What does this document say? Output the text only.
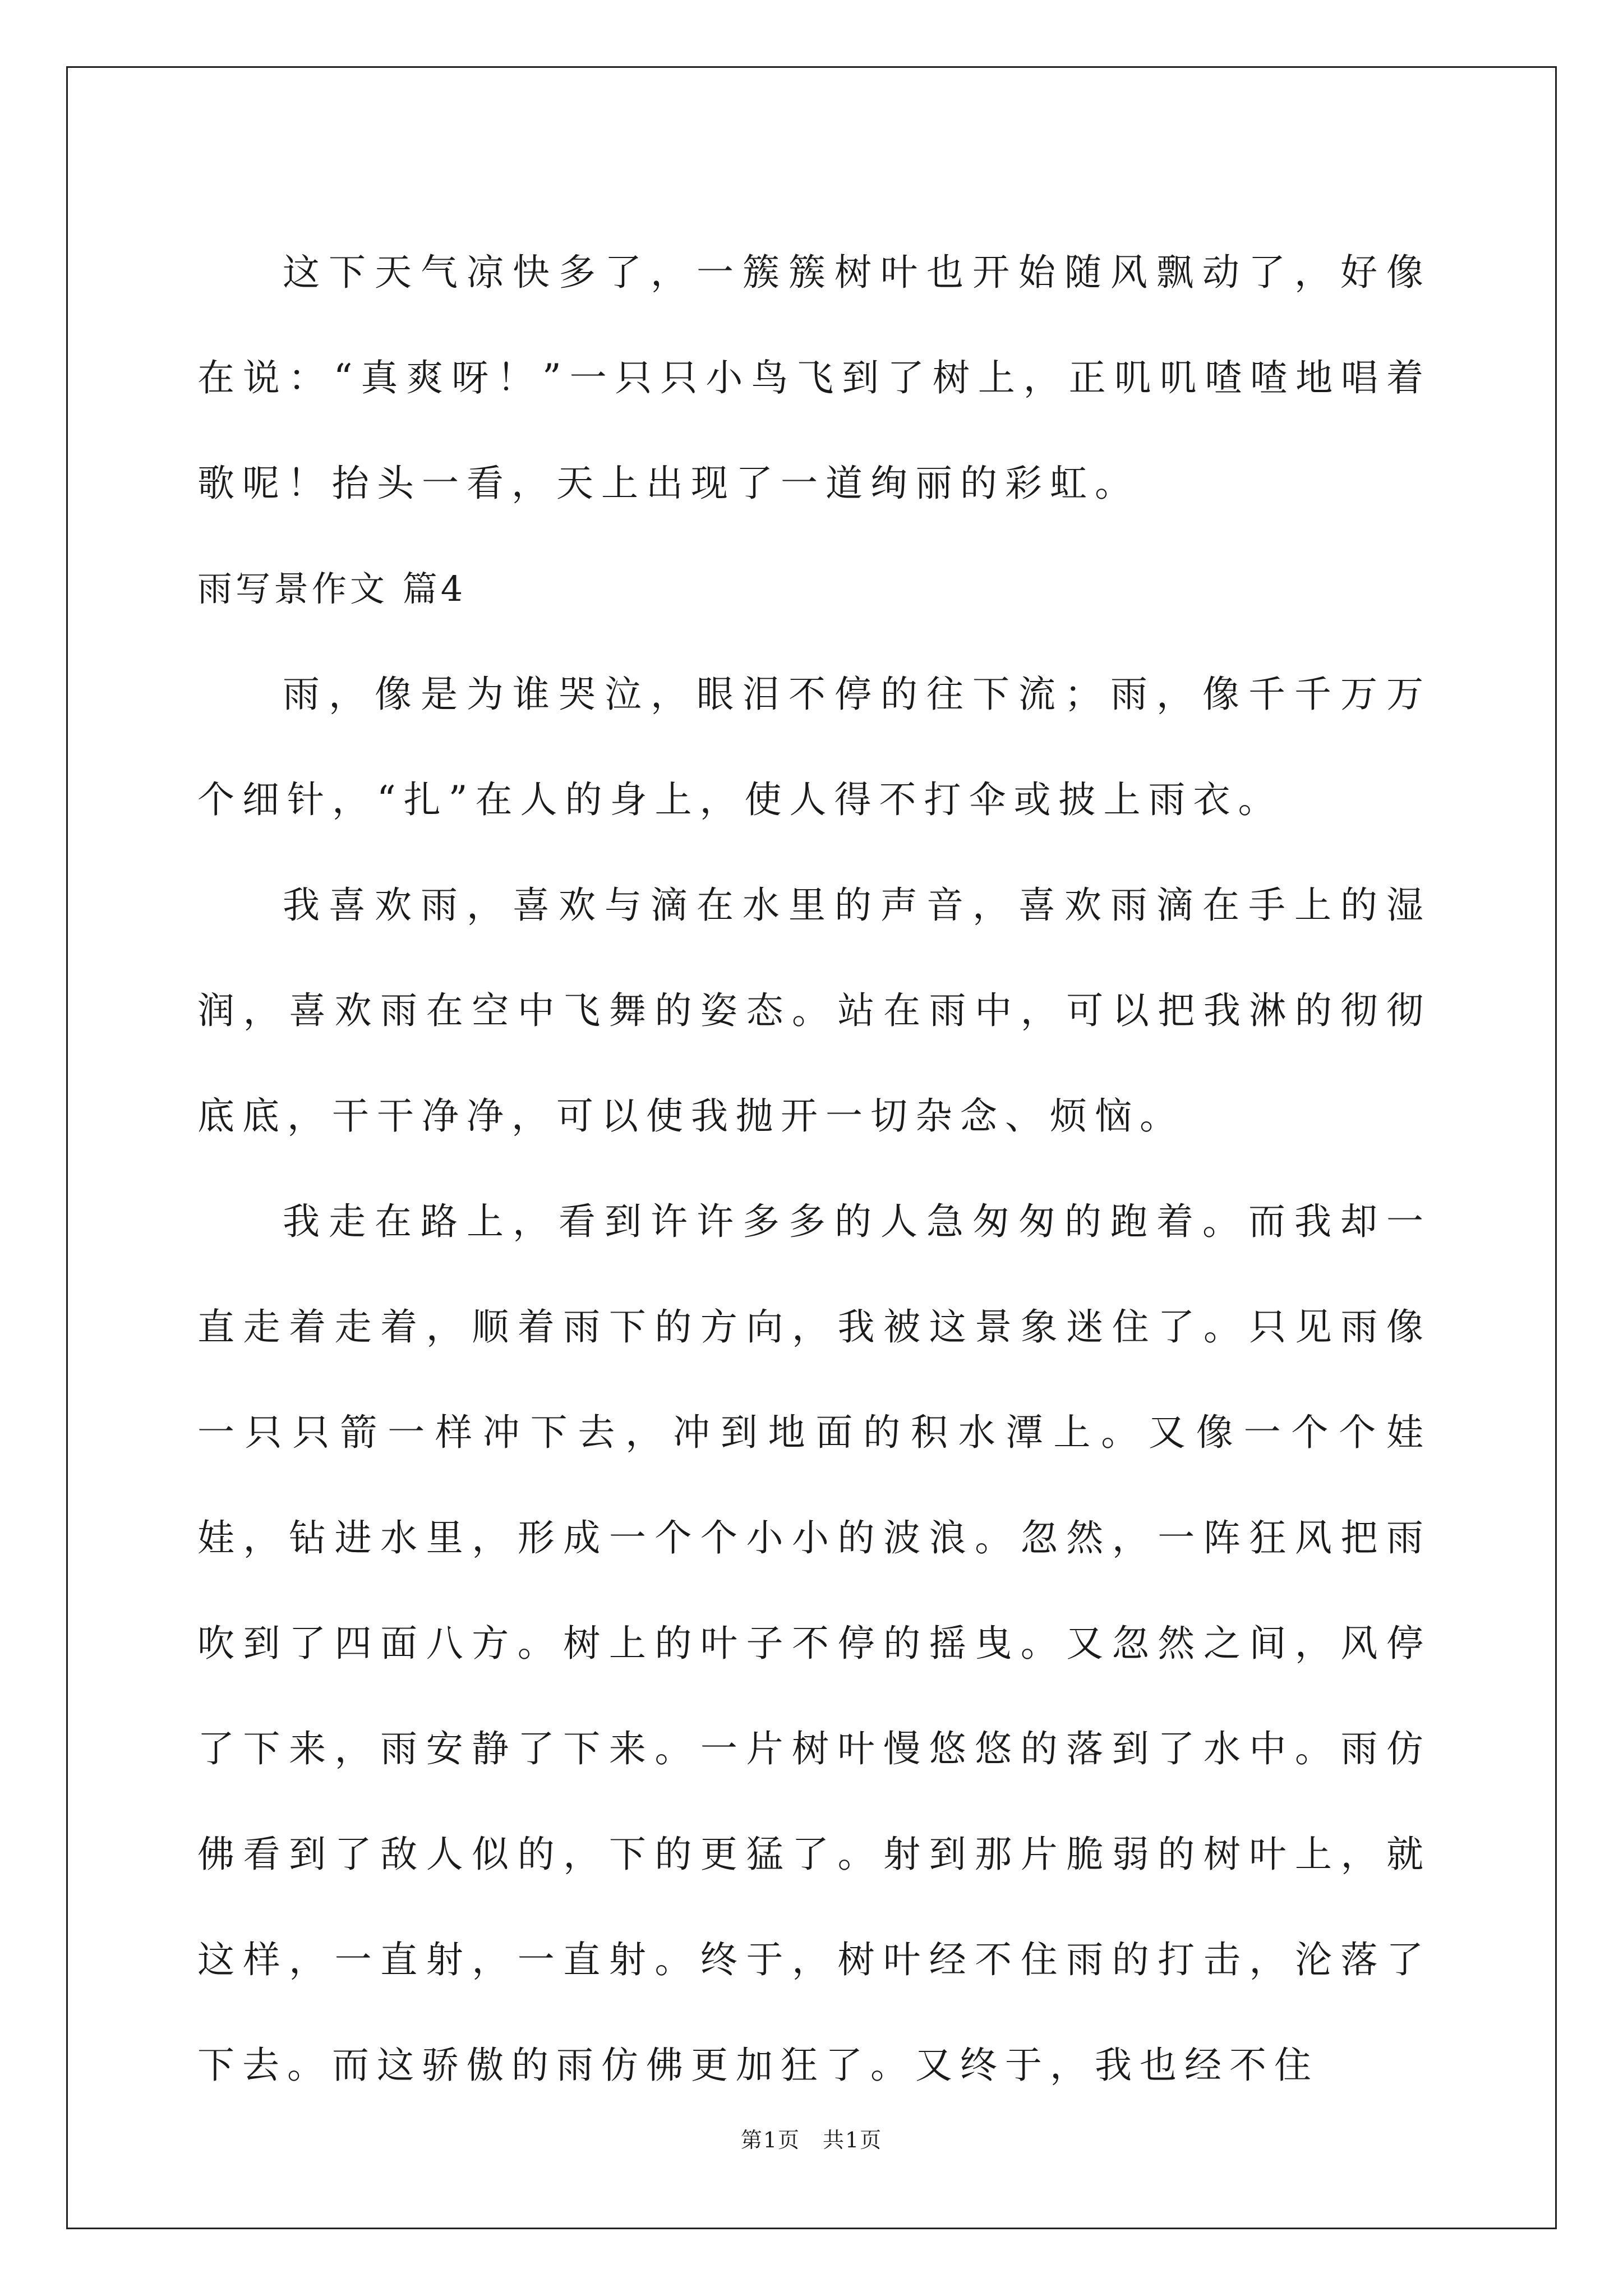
这下天气凉快多了，一簇簇树叶也开始随风飘动了，好像在说：“真爽呀！”一只只小鸟飞到了树上，正叽叽喳喳地唱着歌呢！抬头一看，天上出现了一道绚丽的彩虹。

雨写景作文 篇4

雨，像是为谁哭泣，眼泪不停的往下流；雨，像千千万万个细针，“扎”在人的身上，使人得不打伞或披上雨衣。

我喜欢雨，喜欢与滴在水里的声音，喜欢雨滴在手上的湿润，喜欢雨在空中飞舞的姿态。站在雨中，可以把我淋的彻彻底底，干干净净，可以使我抛开一切杂念、烦恼。

我走在路上，看到许许多多的人急匆匆的跑着。而我却一直走着走着，顺着雨下的方向，我被这景象迷住了。只见雨像一只只箭一样冲下去，冲到地面的积水潭上。又像一个个娃娃，钻进水里，形成一个个小小的波浪。忽然，一阵狂风把雨吹到了四面八方。树上的叶子不停的摇曳。又忽然之间，风停了下来，雨安静了下来。一片树叶慢悠悠的落到了水中。雨仿佛看到了敌人似的，下的更猛了。射到那片脆弱的树叶上，就这样，一直射，一直射。终于，树叶经不住雨的打击，沦落了下去。而这骄傲的雨仿佛更加狂了。又终于，我也经不住

第1页　共1页
